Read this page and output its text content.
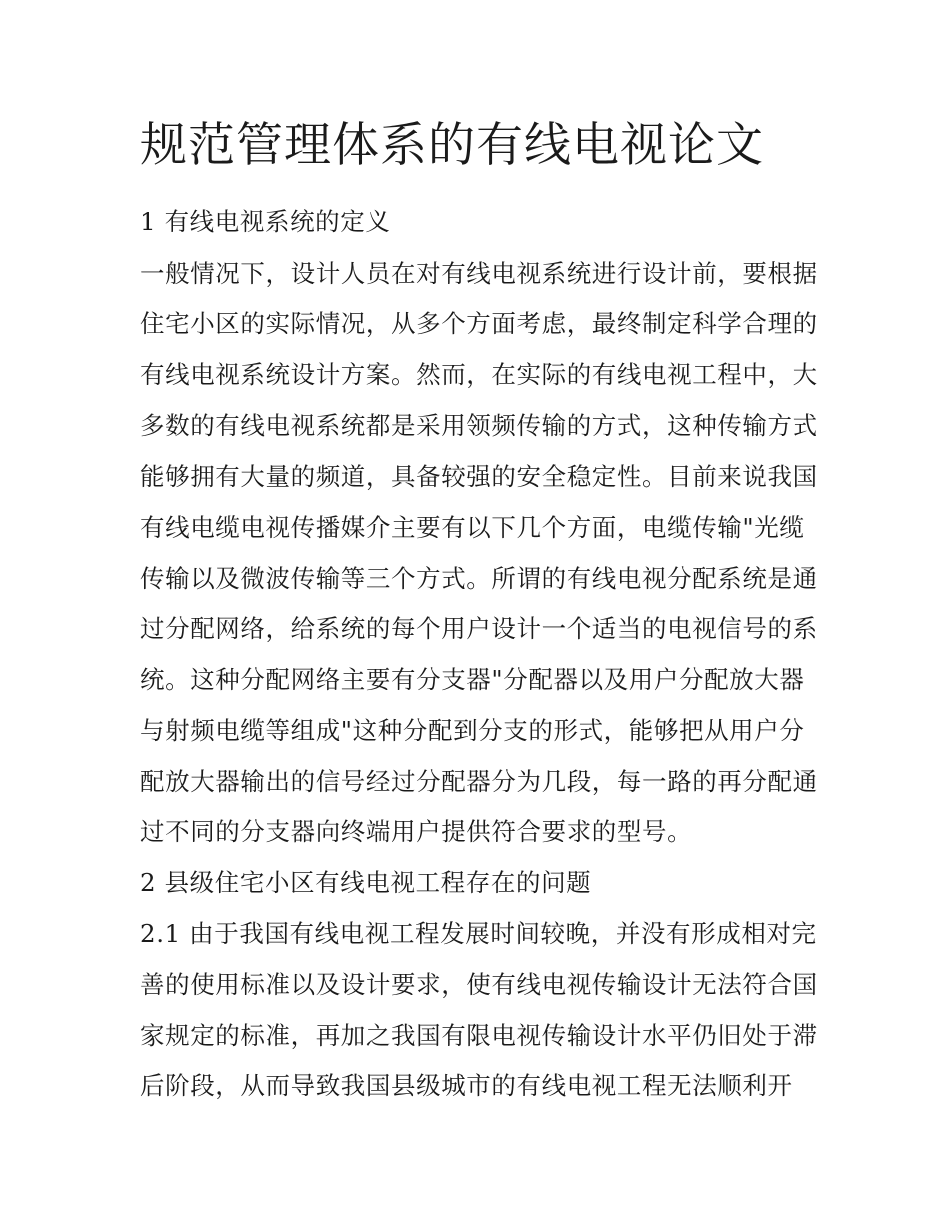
规范管理体系的有线电视论文

1 有线电视系统的定义

一般情况下，设计人员在对有线电视系统进行设计前，要根据

住宅小区的实际情况，从多个方面考虑，最终制定科学合理的

有线电视系统设计方案。然而，在实际的有线电视工程中，大

多数的有线电视系统都是采用领频传输的方式，这种传输方式

能够拥有大量的频道，具备较强的安全稳定性。目前来说我国

有线电缆电视传播媒介主要有以下几个方面，电缆传输"光缆

传输以及微波传输等三个方式。所谓的有线电视分配系统是通

过分配网络，给系统的每个用户设计一个适当的电视信号的系

统。这种分配网络主要有分支器"分配器以及用户分配放大器

与射频电缆等组成"这种分配到分支的形式，能够把从用户分

配放大器输出的信号经过分配器分为几段，每一路的再分配通

过不同的分支器向终端用户提供符合要求的型号。

2 县级住宅小区有线电视工程存在的问题

2.1 由于我国有线电视工程发展时间较晚，并没有形成相对完

善的使用标准以及设计要求，使有线电视传输设计无法符合国

家规定的标准，再加之我国有限电视传输设计水平仍旧处于滞

后阶段，从而导致我国县级城市的有线电视工程无法顺利开
